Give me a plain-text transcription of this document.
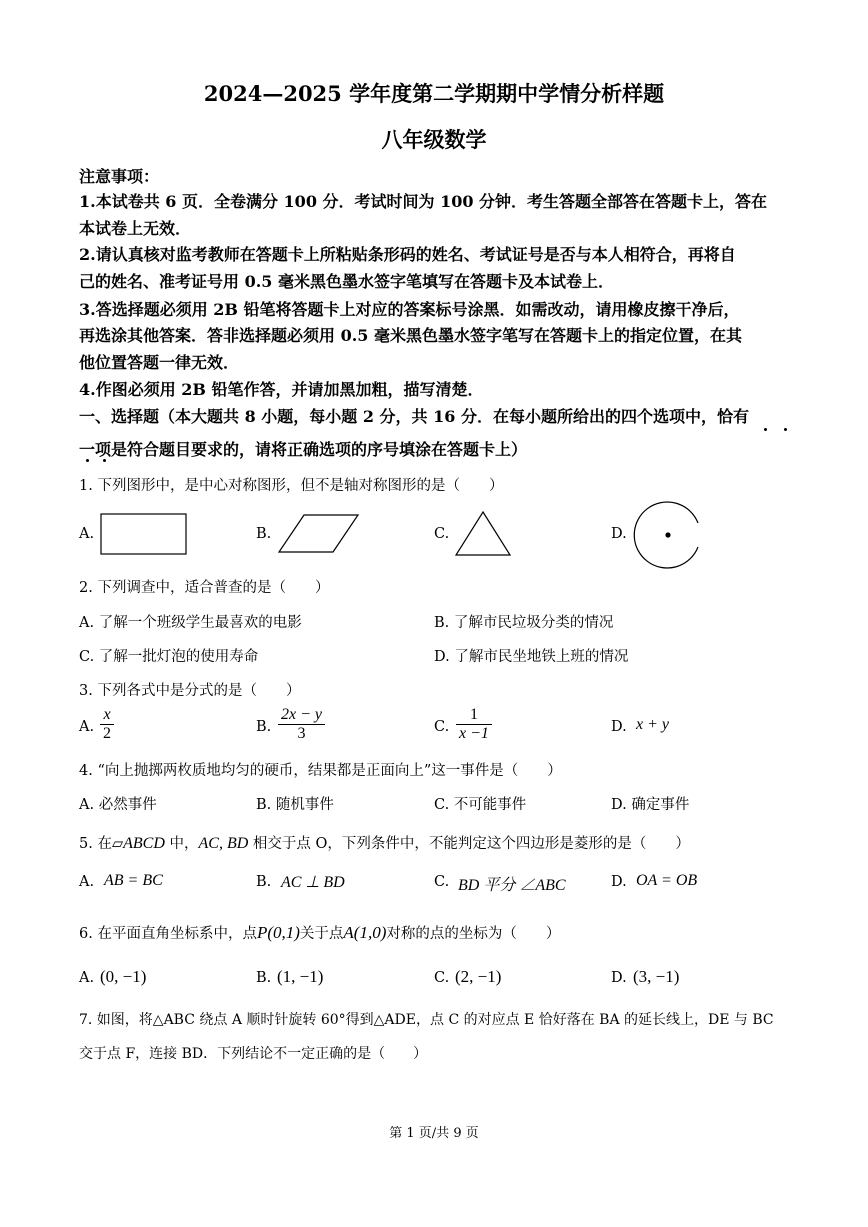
2024—2025 学年度第二学期期中学情分析样题
八年级数学
注意事项：
1.本试卷共 6 页．全卷满分 100 分．考试时间为 100 分钟．考生答题全部答在答题卡上，答在
本试卷上无效．
2.请认真核对监考教师在答题卡上所粘贴条形码的姓名、考试证号是否与本人相符合，再将自
己的姓名、准考证号用 0.5 毫米黑色墨水签字笔填写在答题卡及本试卷上．
3.答选择题必须用 2B 铅笔将答题卡上对应的答案标号涂黑．如需改动，请用橡皮擦干净后，
再选涂其他答案．答非选择题必须用 0.5 毫米黑色墨水签字笔写在答题卡上的指定位置，在其
他位置答题一律无效．
4.作图必须用 2B 铅笔作答，并请加黑加粗，描写清楚．
一、选择题（本大题共 8 小题，每小题 2 分，共 16 分．在每小题所给出的四个选项中，恰有
一项是符合题目要求的，请将正确选项的序号填涂在答题卡上）
1. 下列图形中，是中心对称图形，但不是轴对称图形的是（　　）
A.	B.	C.	D.
2. 下列调查中，适合普查的是（　　）
A. 了解一个班级学生最喜欢的电影	B. 了解市民垃圾分类的情况
C. 了解一批灯泡的使用寿命	D. 了解市民坐地铁上班的情况
3. 下列各式中是分式的是（　　）
A.
x
2	B.
2x − y
3	C.
1
x −1	D. x + y
4. “向上抛掷两枚质地均匀的硬币，结果都是正面向上”这一事件是（　　）
A. 必然事件	B. 随机事件	C. 不可能事件	D. 确定事件
5. 在▱ABCD 中，AC, BD 相交于点 O，下列条件中，不能判定这个四边形是菱形的是（　　）
A. AB = BC	B. AC ⊥ BD	C. BD 平分 ∠ABC	D. OA = OB
6. 在平面直角坐标系中，点P(0,1)关于点A(1,0)对称的点的坐标为（　　）
A. (0, −1)	B. (1, −1)	C. (2, −1)	D. (3, −1)
7. 如图，将△ABC 绕点 A 顺时针旋转 60°得到△ADE，点 C 的对应点 E 恰好落在 BA 的延长线上，DE 与 BC
交于点 F，连接 BD．下列结论不一定正确的是（　　）
第 1 页/共 9 页
